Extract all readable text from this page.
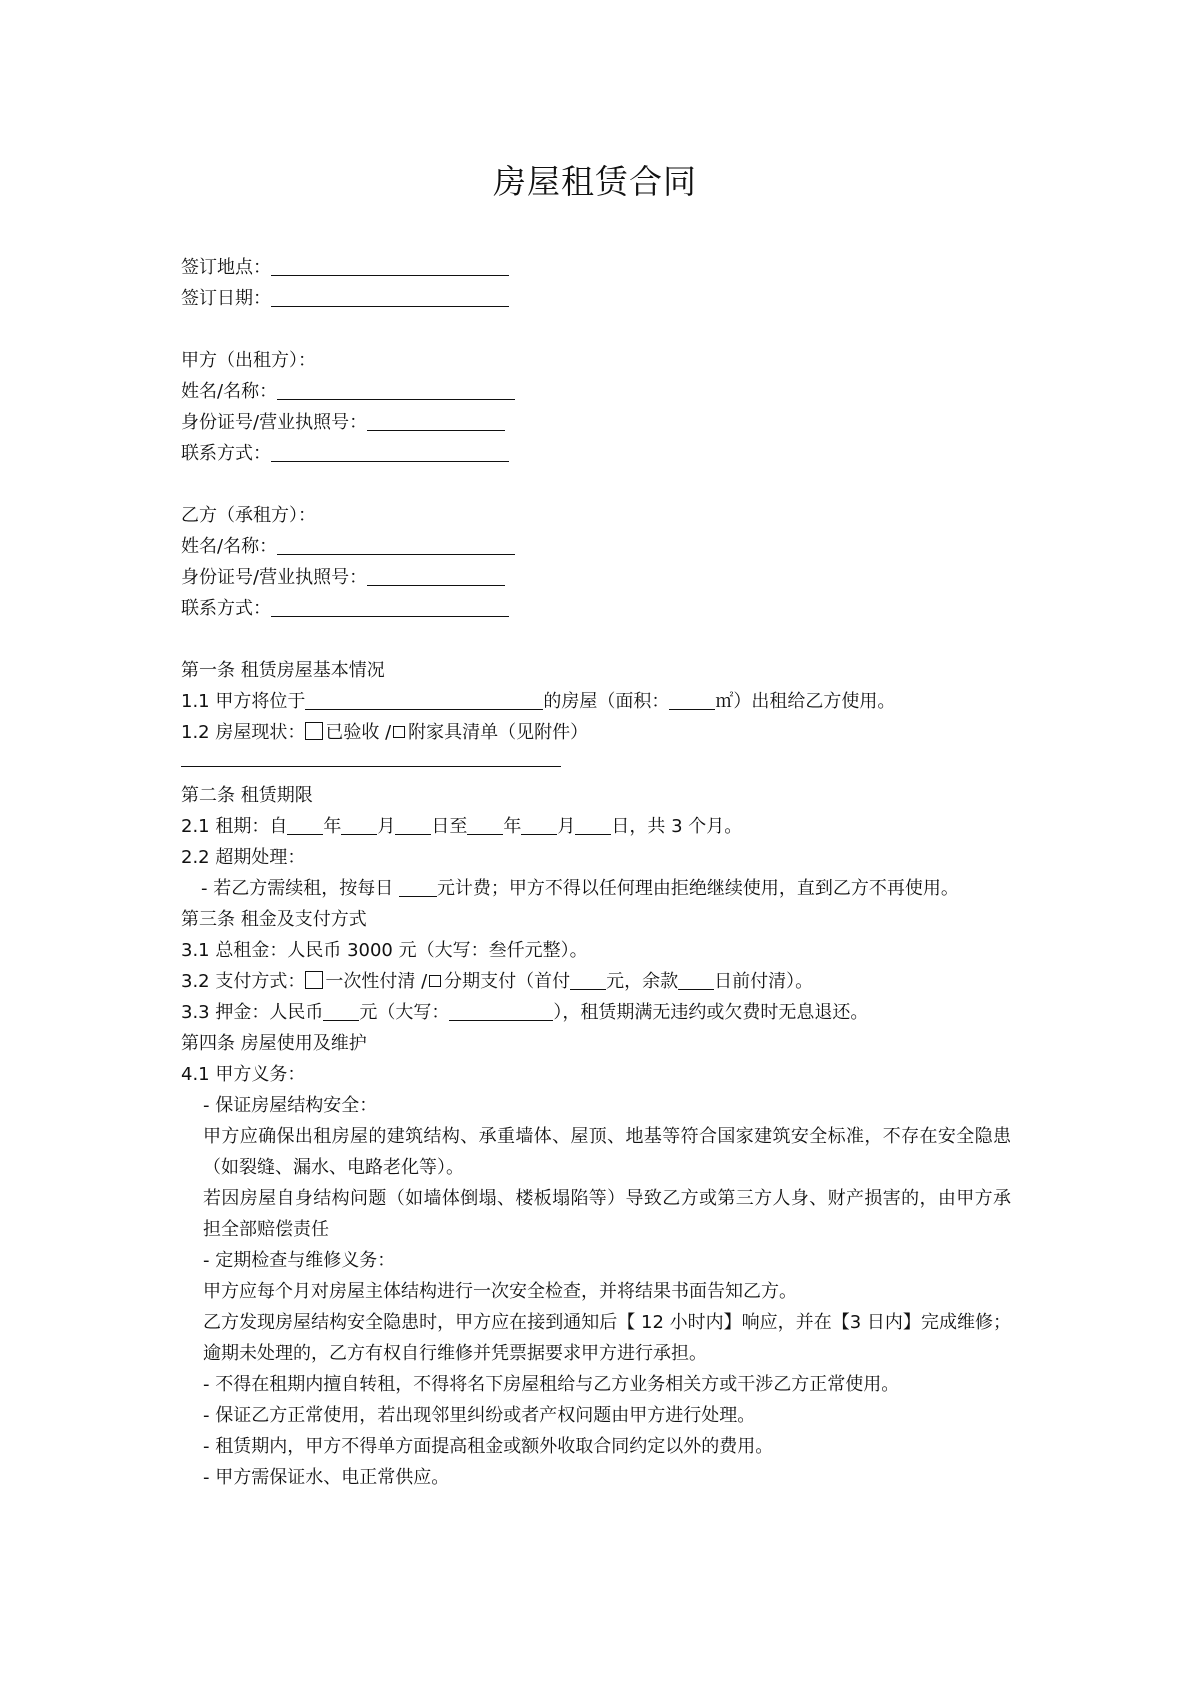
房屋租赁合同
签订地点：
签订日期：
甲方（出租方）：
姓名/名称：
身份证号/营业执照号：
联系方式：
乙方（承租方）：
姓名/名称：
身份证号/营业执照号：
联系方式：
第一条 租赁房屋基本情况
1.1 甲方将位于	的房屋（面积：	㎡）出租给乙方使用。
1.2 房屋现状： 已验收 / 附家具清单（见附件）
第二条 租赁期限
2.1 租期：自 年 月 日至 年 月 日，共 3 个月。
2.2 超期处理：
- 若乙方需续租，按每日 元计费；甲方不得以任何理由拒绝继续使用，直到乙方不再使用。
第三条 租金及支付方式
3.1 总租金：人民币 3000 元（大写：叁仟元整）。
3.2 支付方式： 一次性付清 / 分期支付（首付 元，余款 日前付清）。
3.3 押金：人民币 元（大写：	），租赁期满无违约或欠费时无息退还。
第四条 房屋使用及维护
4.1 甲方义务：
- 保证房屋结构安全：
甲方应确保出租房屋的建筑结构、承重墙体、屋顶、地基等符合国家建筑安全标准，不存在安全隐患（如裂缝、漏水、电路老化等）。
若因房屋自身结构问题（如墙体倒塌、楼板塌陷等）导致乙方或第三方人身、财产损害的，由甲方承担全部赔偿责任
- 定期检查与维修义务：
甲方应每个月对房屋主体结构进行一次安全检查，并将结果书面告知乙方。
乙方发现房屋结构安全隐患时，甲方应在接到通知后【 12 小时内】响应，并在【3 日内】完成维修；逾期未处理的，乙方有权自行维修并凭票据要求甲方进行承担。
- 不得在租期内擅自转租，不得将名下房屋租给与乙方业务相关方或干涉乙方正常使用。
- 保证乙方正常使用，若出现邻里纠纷或者产权问题由甲方进行处理。
- 租赁期内，甲方不得单方面提高租金或额外收取合同约定以外的费用。
- 甲方需保证水、电正常供应。
